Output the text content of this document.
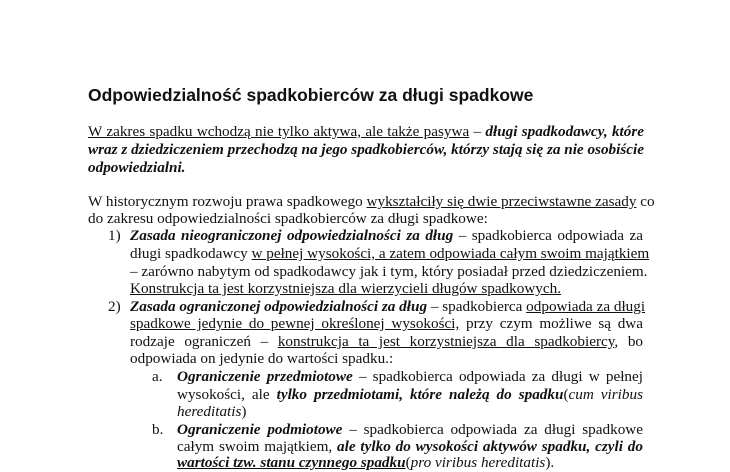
Odpowiedzialność spadkobierców za długi spadkowe
W zakres spadku wchodzą nie tylko aktywa, ale także pasywa – długi spadkodawcy, które
wraz z dziedziczeniem przechodzą na jego spadkobierców, którzy stają się za nie osobiście
odpowiedzialni.
W historycznym rozwoju prawa spadkowego wykształciły się dwie przeciwstawne zasady co
do zakresu odpowiedzialności spadkobierców za długi spadkowe:
1) Zasada nieograniczonej odpowiedzialności za dług – spadkobierca odpowiada za
długi spadkodawcy w pełnej wysokości, a zatem odpowiada całym swoim majątkiem
– zarówno nabytym od spadkodawcy jak i tym, który posiadał przed dziedziczeniem.
Konstrukcja ta jest korzystniejsza dla wierzycieli długów spadkowych.
2) Zasada ograniczonej odpowiedzialności za dług – spadkobierca odpowiada za długi
spadkowe jedynie do pewnej określonej wysokości, przy czym możliwe są dwa
rodzaje ograniczeń – konstrukcja ta jest korzystniejsza dla spadkobiercy, bo
odpowiada on jedynie do wartości spadku.:
a. Ograniczenie przedmiotowe – spadkobierca odpowiada za długi w pełnej
wysokości, ale tylko przedmiotami, które należą do spadku(cum viribus
hereditatis)
b. Ograniczenie podmiotowe – spadkobierca odpowiada za długi spadkowe
całym swoim majątkiem, ale tylko do wysokości aktywów spadku, czyli do
wartości tzw. stanu czynnego spadku(pro viribus hereditatis).
